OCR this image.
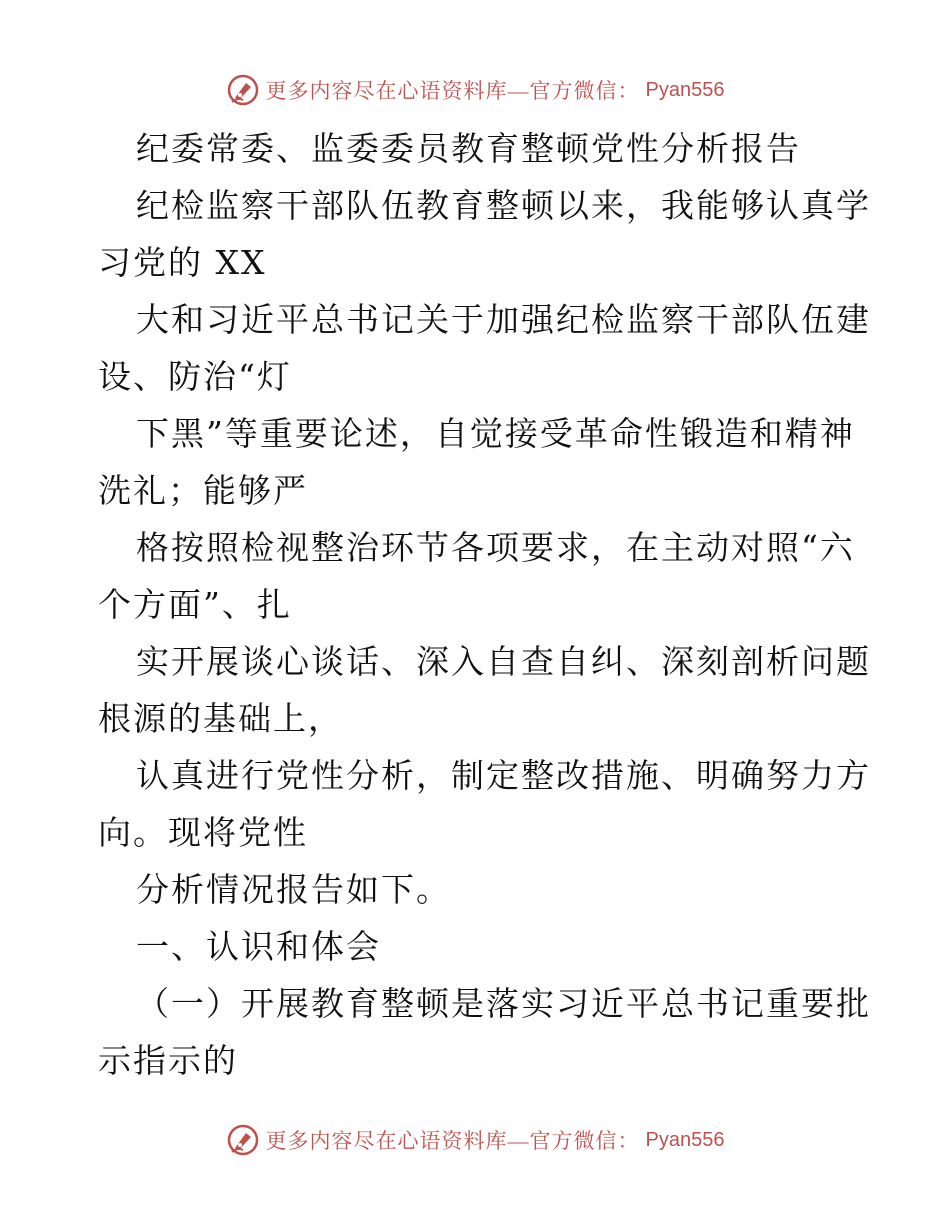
更多内容尽在心语资料库—官方微信： Pyan556
纪委常委、监委委员教育整顿党性分析报告
纪检监察干部队伍教育整顿以来，我能够认真学
习党的 XX
大和习近平总书记关于加强纪检监察干部队伍建
设、防治“灯
下黑”等重要论述，自觉接受革命性锻造和精神
洗礼；能够严
格按照检视整治环节各项要求，在主动对照“六
个方面”、扎
实开展谈心谈话、深入自查自纠、深刻剖析问题
根源的基础上，
认真进行党性分析，制定整改措施、明确努力方
向。现将党性
分析情况报告如下。
一、认识和体会
（一）开展教育整顿是落实习近平总书记重要批
示指示的
更多内容尽在心语资料库—官方微信： Pyan556
